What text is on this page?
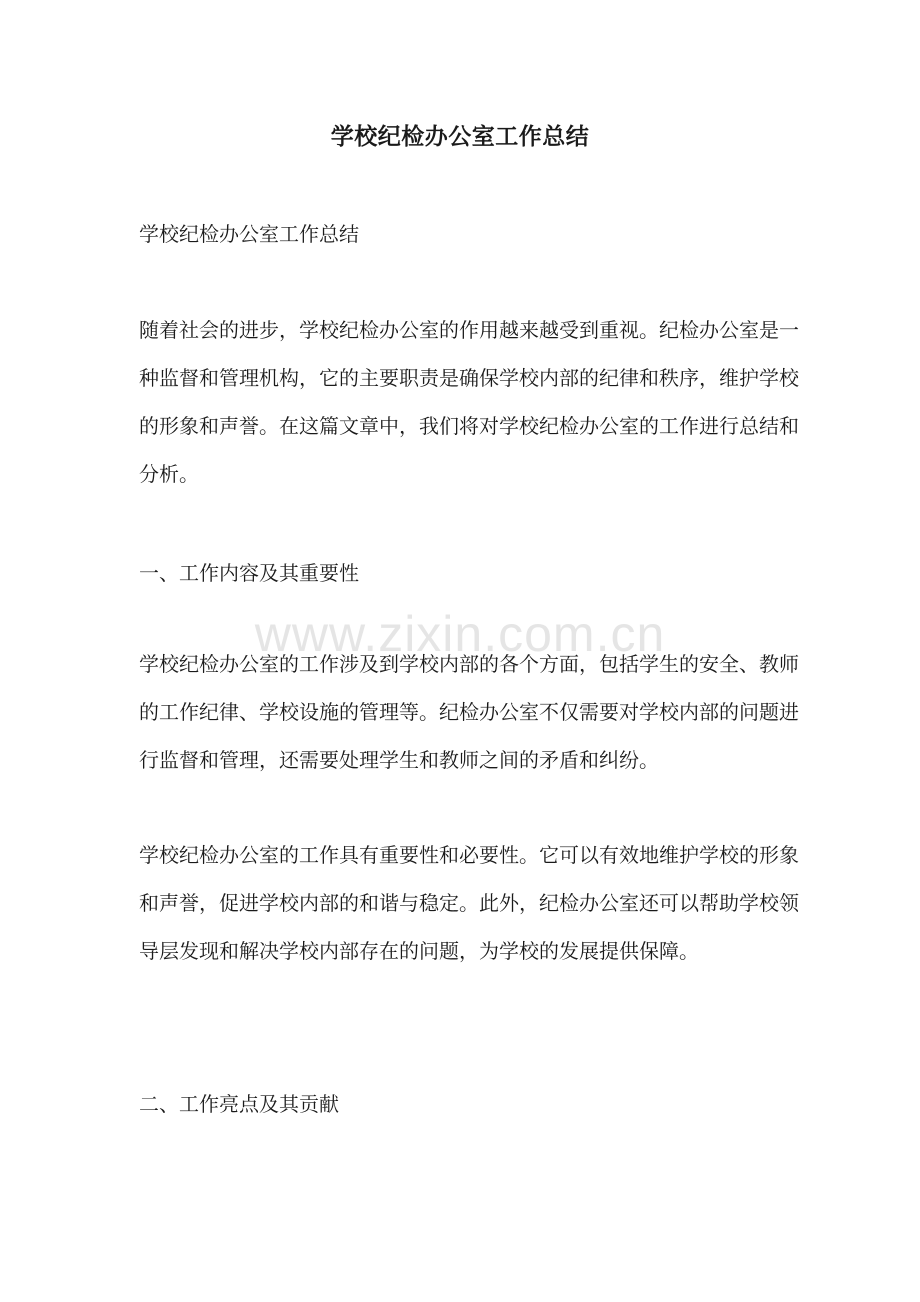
学校纪检办公室工作总结

学校纪检办公室工作总结

随着社会的进步，学校纪检办公室的作用越来越受到重视。纪检办公室是一种监督和管理机构，它的主要职责是确保学校内部的纪律和秩序，维护学校的形象和声誉。在这篇文章中，我们将对学校纪检办公室的工作进行总结和分析。

一、工作内容及其重要性

www.zixin.com.cn

学校纪检办公室的工作涉及到学校内部的各个方面，包括学生的安全、教师的工作纪律、学校设施的管理等。纪检办公室不仅需要对学校内部的问题进行监督和管理，还需要处理学生和教师之间的矛盾和纠纷。

学校纪检办公室的工作具有重要性和必要性。它可以有效地维护学校的形象和声誉，促进学校内部的和谐与稳定。此外，纪检办公室还可以帮助学校领导层发现和解决学校内部存在的问题，为学校的发展提供保障。

二、工作亮点及其贡献
